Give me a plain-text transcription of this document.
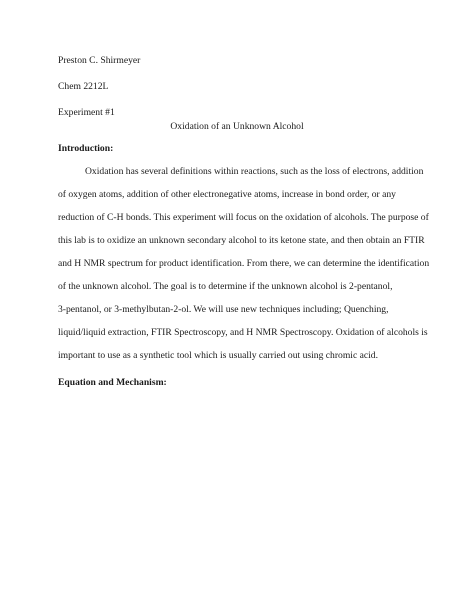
Preston C. Shirmeyer
Chem 2212L
Experiment #1
Oxidation of an Unknown Alcohol
Introduction:
Oxidation has several definitions within reactions, such as the loss of electrons, addition
of oxygen atoms, addition of other electronegative atoms, increase in bond order, or any
reduction of C-H bonds. This experiment will focus on the oxidation of alcohols. The purpose of
this lab is to oxidize an unknown secondary alcohol to its ketone state, and then obtain an FTIR
and H NMR spectrum for product identification. From there, we can determine the identification
of the unknown alcohol. The goal is to determine if the unknown alcohol is 2-pentanol,
3-pentanol, or 3-methylbutan-2-ol. We will use new techniques including; Quenching,
liquid/liquid extraction, FTIR Spectroscopy, and H NMR Spectroscopy. Oxidation of alcohols is
important to use as a synthetic tool which is usually carried out using chromic acid.
Equation and Mechanism:
